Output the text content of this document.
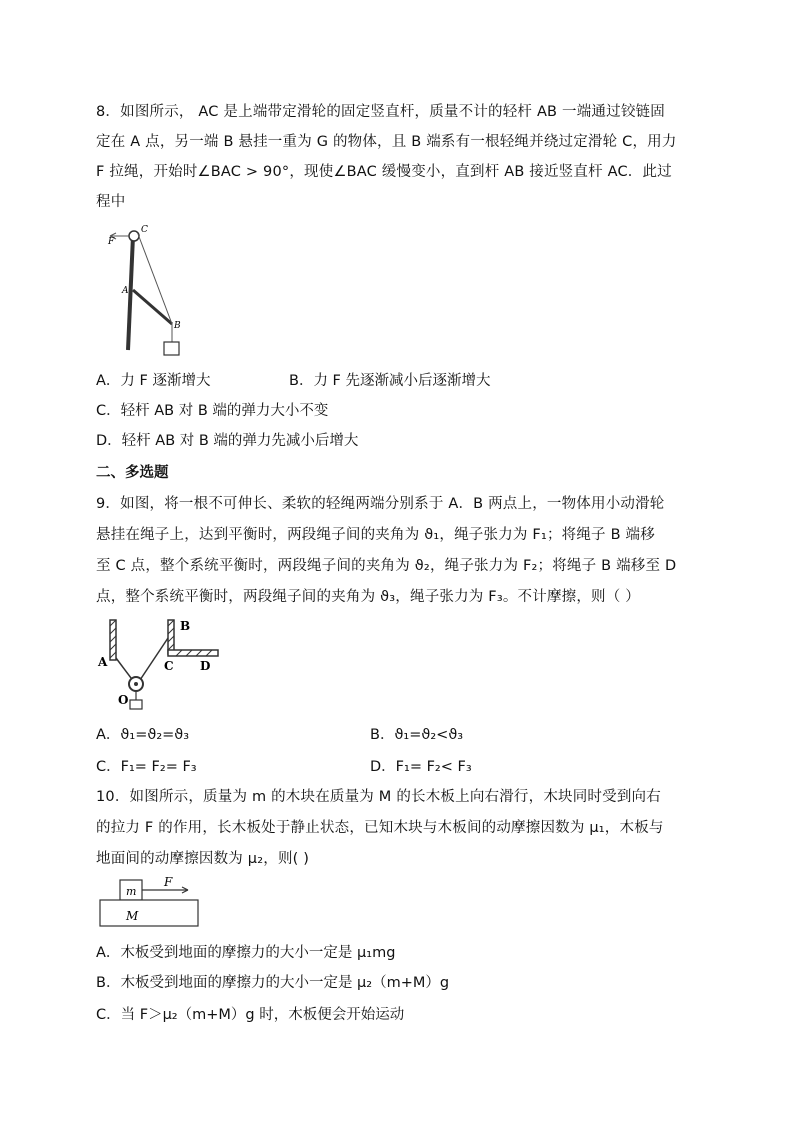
8．如图所示， AC 是上端带定滑轮的固定竖直杆，质量不计的轻杆 AB 一端通过铰链固
定在 A 点，另一端 B 悬挂一重为 G 的物体，且 B 端系有一根轻绳并绕过定滑轮 C，用力
F 拉绳，开始时∠BAC > 90°，现使∠BAC 缓慢变小，直到杆 AB 接近竖直杆 AC．此过
程中
F
C
A
B
A．力 F 逐渐增大	B．力 F 先逐渐减小后逐渐增大
C．轻杆 AB 对 B 端的弹力大小不变
D．轻杆 AB 对 B 端的弹力先减小后增大
二、多选题
9．如图，将一根不可伸长、柔软的轻绳两端分别系于 A．B 两点上，一物体用小动滑轮
悬挂在绳子上，达到平衡时，两段绳子间的夹角为 ϑ₁，绳子张力为 F₁；将绳子 B 端移
至 C 点，整个系统平衡时，两段绳子间的夹角为 ϑ₂，绳子张力为 F₂；将绳子 B 端移至 D
点，整个系统平衡时，两段绳子间的夹角为 ϑ₃，绳子张力为 F₃。不计摩擦，则（ ）
A
B
C D
O
A．ϑ₁=ϑ₂=ϑ₃	B．ϑ₁=ϑ₂<ϑ₃
C．F₁= F₂= F₃	D．F₁= F₂< F₃
10．如图所示，质量为 m 的木块在质量为 M 的长木板上向右滑行，木块同时受到向右
的拉力 F 的作用，长木板处于静止状态，已知木块与木板间的动摩擦因数为 μ₁，木板与
地面间的动摩擦因数为 μ₂，则( )
m
M
F
A．木板受到地面的摩擦力的大小一定是 μ₁mg
B．木板受到地面的摩擦力的大小一定是 μ₂（m+M）g
C．当 F＞μ₂（m+M）g 时，木板便会开始运动
